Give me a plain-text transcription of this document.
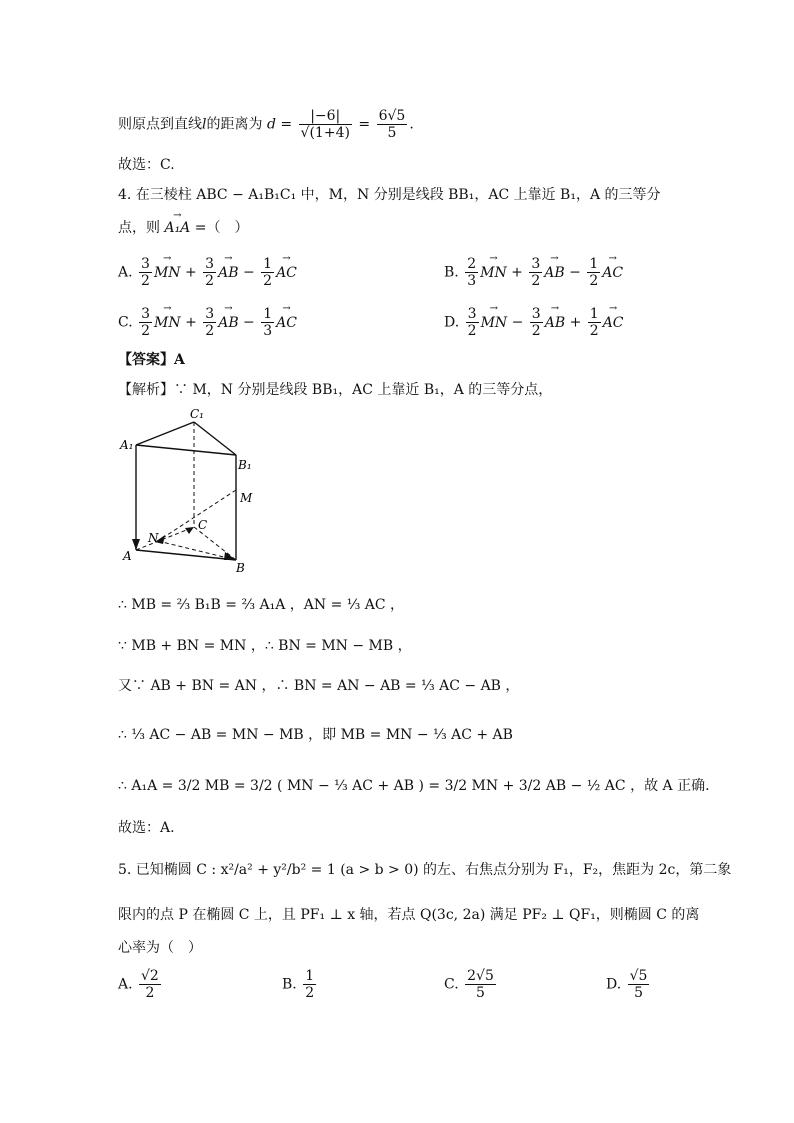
则原点到直线l的距离为 $d = \frac{|-6|}{√(1+4)} = \frac{6√5}{5}$ .
故选：C.
4. 在三棱柱 ABC − A₁B₁C₁ 中，M，N 分别是线段 BB₁，AC 上靠近 B₁，A 的三等分
点，则 → A₁A =（　）
A. $\frac{3}{2}$ → MN + $\frac{3}{2}$ → AB − $\frac{1}{2}$ → AC	B. $\frac{2}{3}$ → MN + $\frac{3}{2}$ → AB − $\frac{1}{2}$ → AC
C. $\frac{3}{2}$ → MN + $\frac{3}{2}$ → AB − $\frac{1}{3}$ → AC	D. $\frac{3}{2}$ → MN − $\frac{3}{2}$ → AB + $\frac{1}{2}$ → AC
【答案】A
【解析】∵ M，N 分别是线段 BB₁，AC 上靠近 B₁，A 的三等分点，
C₁
A₁
B₁
M
C
N
A
B
∴ MB = ⅔ B₁B = ⅔ A₁A ，AN = ⅓ AC ，
∵ MB + BN = MN ，∴ BN = MN − MB ，
又∵ AB + BN = AN ，∴ BN = AN − AB = ⅓ AC − AB ，
∴ ⅓ AC − AB = MN − MB ，即 MB = MN − ⅓ AC + AB
∴ A₁A = 3/2 MB = 3/2 ( MN − ⅓ AC + AB ) = 3/2 MN + 3/2 AB − ½ AC ，故 A 正确.
故选：A.
5. 已知椭圆 C : x²/a² + y²/b² = 1 (a > b > 0) 的左、右焦点分别为 F₁，F₂，焦距为 2c，第二象
限内的点 P 在椭圆 C 上，且 PF₁ ⊥ x 轴，若点 Q(3c, 2a) 满足 PF₂ ⊥ QF₁，则椭圆 C 的离
心率为（　）
A. $\frac{√2}{2}$	B. $\frac{1}{2}$	C. $\frac{2√5}{5}$	D. $\frac{√5}{5}$
